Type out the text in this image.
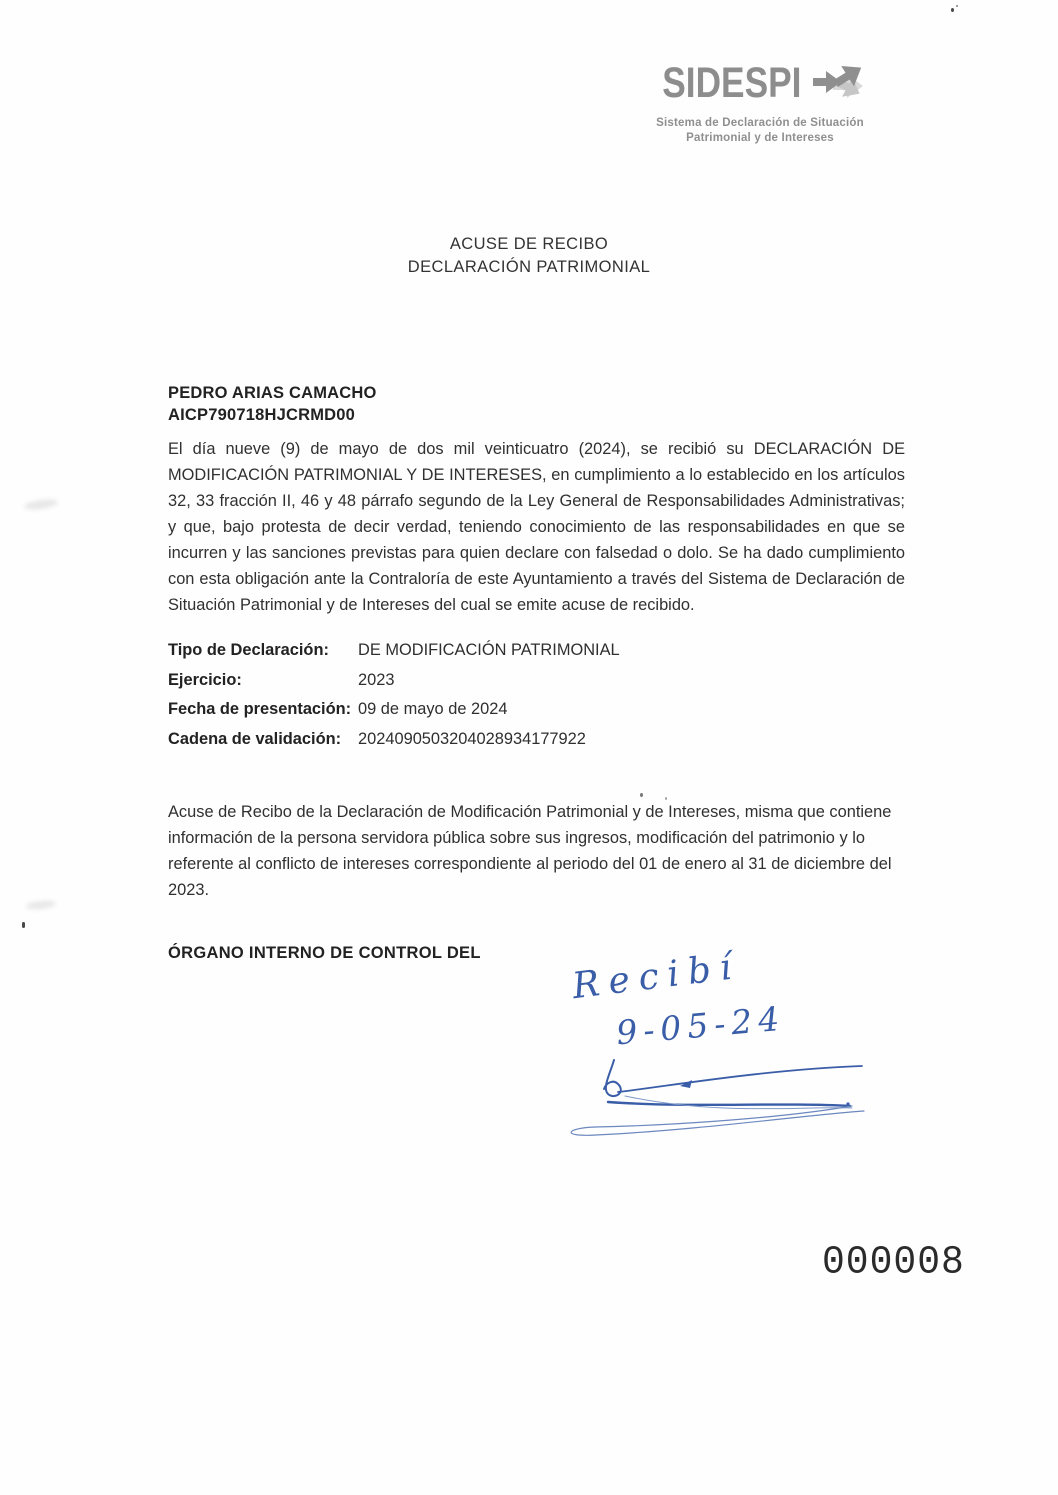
SIDESPI
Sistema de Declaración de Situación
Patrimonial y de Intereses
ACUSE DE RECIBO
DECLARACIÓN PATRIMONIAL
PEDRO ARIAS CAMACHO
AICP790718HJCRMD00

El día nueve (9) de mayo de dos mil veinticuatro (2024), se recibió su DECLARACIÓN DE MODIFICACIÓN PATRIMONIAL Y DE INTERESES, en cumplimiento a lo establecido en los artículos 32, 33 fracción II, 46 y 48 párrafo segundo de la Ley General de Responsabilidades Administrativas; y que, bajo protesta de decir verdad, teniendo conocimiento de las responsabilidades en que se incurren y las sanciones previstas para quien declare con falsedad o dolo. Se ha dado cumplimiento con esta obligación ante la Contraloría de este Ayuntamiento a través del Sistema de Declaración de Situación Patrimonial y de Intereses del cual se emite acuse de recibido.

Tipo de Declaración:	DE MODIFICACIÓN PATRIMONIAL
Ejercicio:	2023
Fecha de presentación: 09 de mayo de 2024
Cadena de validación:	2024090503204028934177922

Acuse de Recibo de la Declaración de Modificación Patrimonial y de Intereses, misma que contiene información de la persona servidora pública sobre sus ingresos, modificación del patrimonio y lo referente al conflicto de intereses correspondiente al periodo del 01 de enero al 31 de diciembre del 2023.

ÓRGANO INTERNO DE CONTROL DEL Recibí
9-05-24
000008
